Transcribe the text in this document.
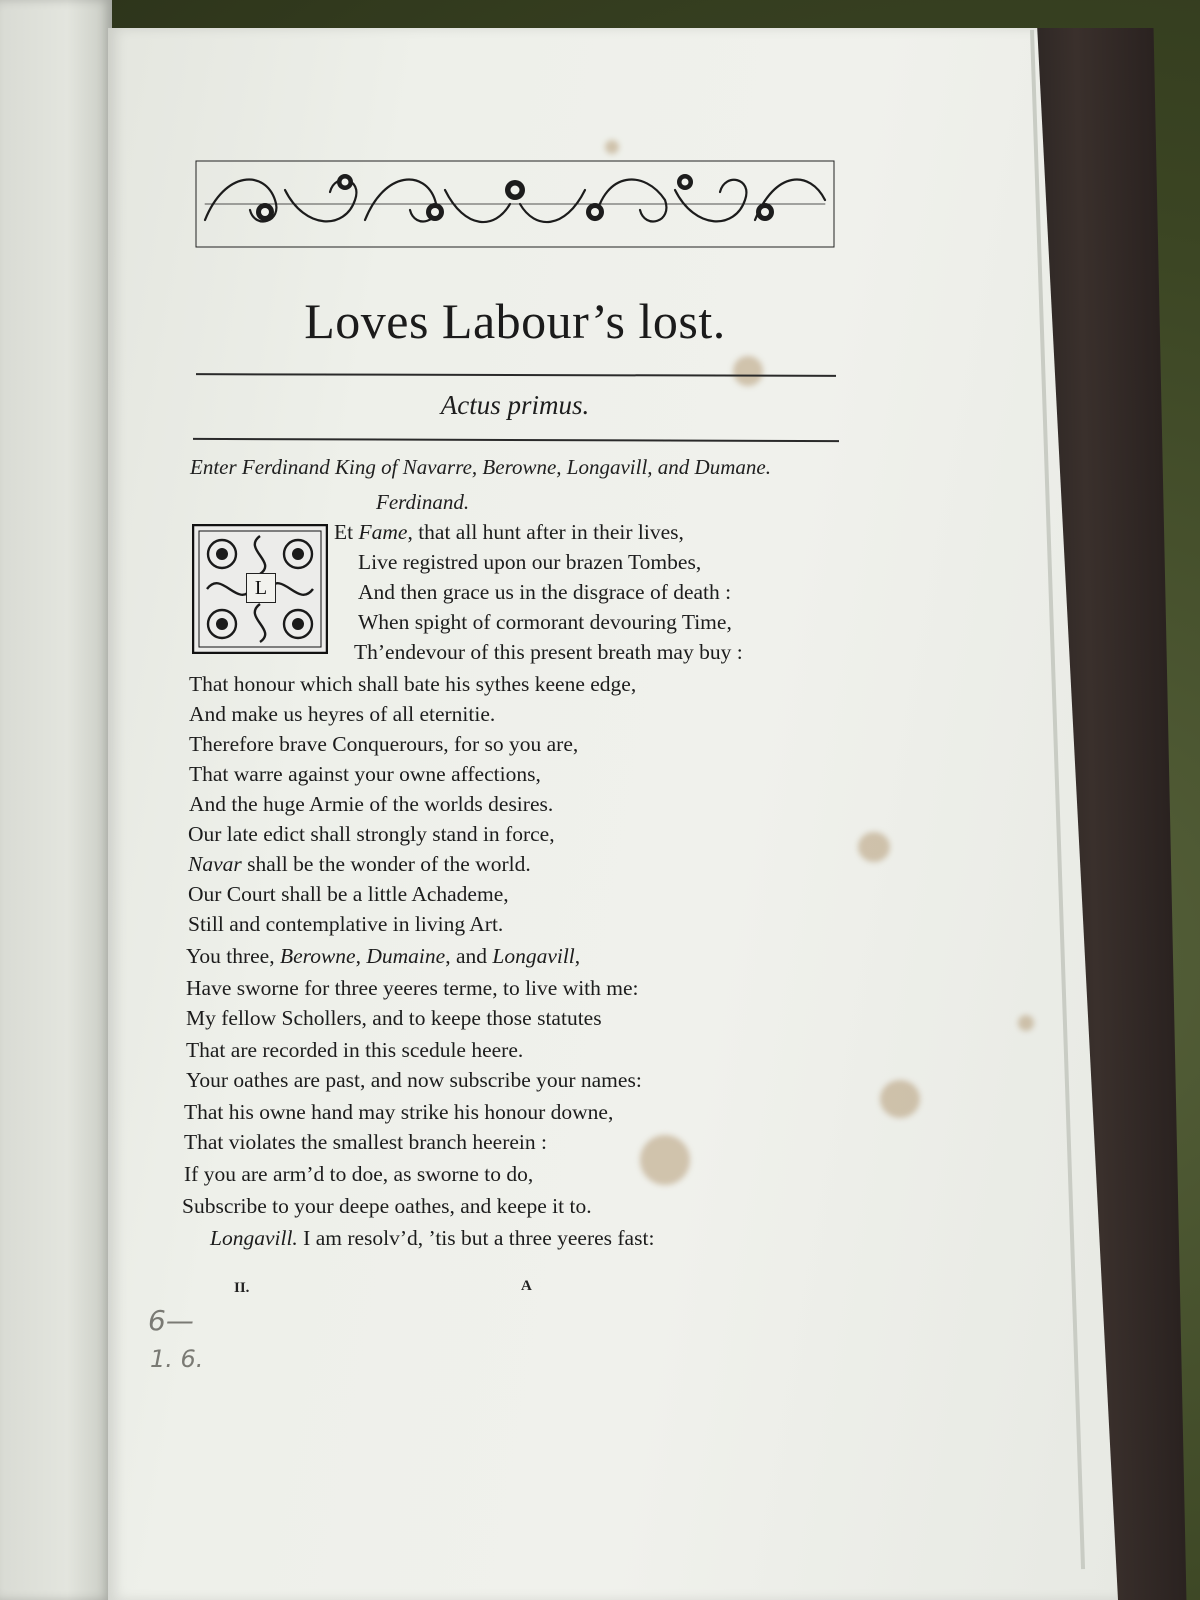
Loves Labour’s lost.
Actus primus.
Enter Ferdinand King of Navarre, Berowne, Longavill, and Dumane.
Ferdinand.
L
Et Fame, that all hunt after in their lives,
Live registred upon our brazen Tombes,
And then grace us in the disgrace of death :
When spight of cormorant devouring Time,
Th’endevour of this present breath may buy :
That honour which shall bate his sythes keene edge,
And make us heyres of all eternitie.
Therefore brave Conquerours, for so you are,
That warre against your owne affections,
And the huge Armie of the worlds desires.
Our late edict shall strongly stand in force,
Navar shall be the wonder of the world.
Our Court shall be a little Achademe,
Still and contemplative in living Art.
You three, Berowne, Dumaine, and Longavill,
Have sworne for three yeeres terme, to live with me:
My fellow Schollers, and to keepe those statutes
That are recorded in this scedule heere.
Your oathes are past, and now subscribe your names:
That his owne hand may strike his honour downe,
That violates the smallest branch heerein :
If you are arm’d to doe, as sworne to do,
Subscribe to your deepe oathes, and keepe it to.
Longavill. I am resolv’d, ’tis but a three yeeres fast:
II.	A
6—
1. 6.
